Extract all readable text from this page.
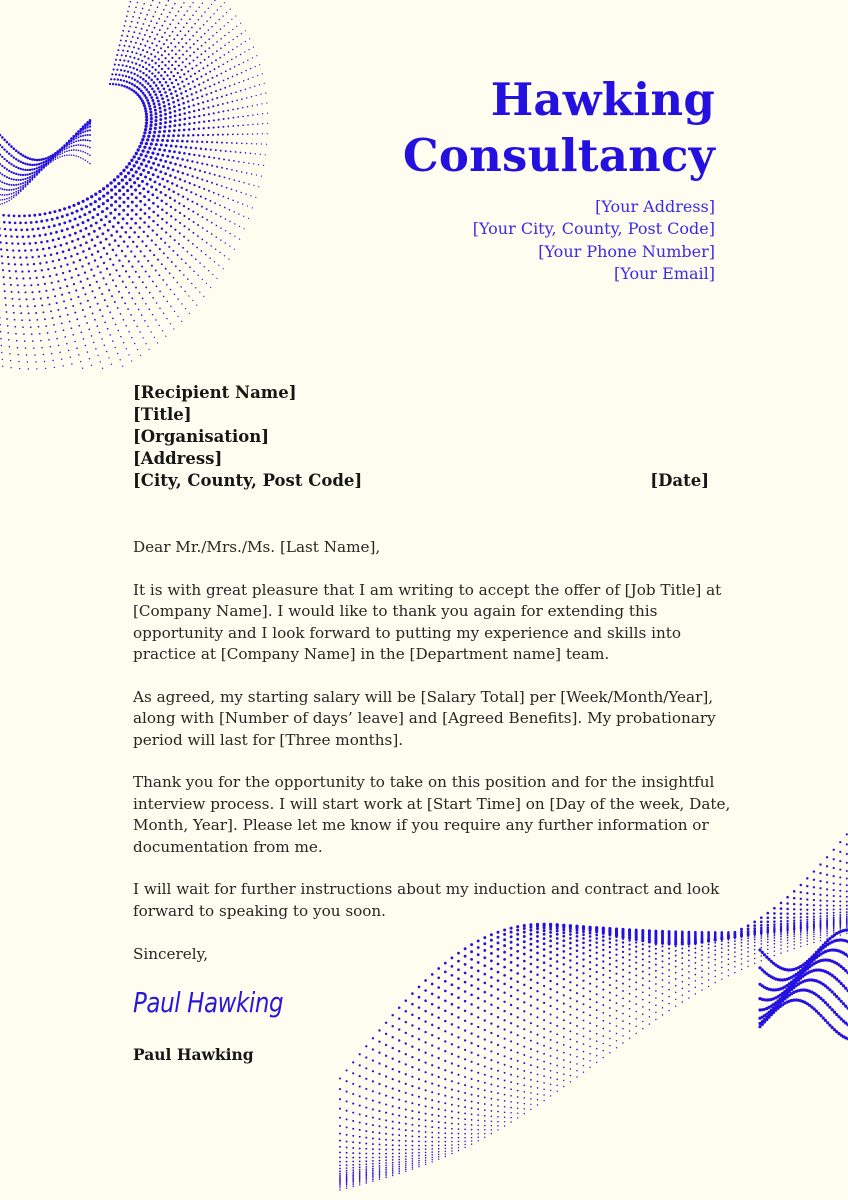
Hawking
Consultancy
[Your Address]
[Your City, County, Post Code]
[Your Phone Number]
[Your Email]
[Recipient Name]
[Title]
[Organisation]
[Address]
[City, County, Post Code]	[Date]

Dear Mr./Mrs./Ms. [Last Name],

It is with great pleasure that I am writing to accept the offer of [Job Title] at [Company Name]. I would like to thank you again for extending this opportunity and I look forward to putting my experience and skills into practice at [Company Name] in the [Department name] team.

As agreed, my starting salary will be [Salary Total] per [Week/Month/Year], along with [Number of days’ leave] and [Agreed Benefits]. My probationary period will last for [Three months].

Thank you for the opportunity to take on this position and for the insightful interview process. I will start work at [Start Time] on [Day of the week, Date, Month, Year]. Please let me know if you require any further information or documentation from me.

I will wait for further instructions about my induction and contract and look forward to speaking to you soon.

Sincerely,

Paul Hawking
Paul Hawking
